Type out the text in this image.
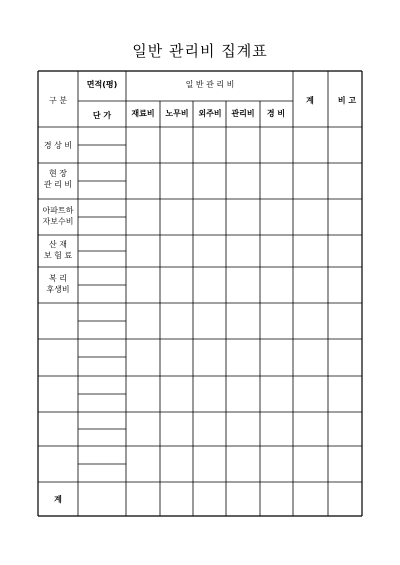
일반 관리비 집계표
구 분
면적(평)
단 가
일 반 관 리 비
재료비 노무비 외주비 관리비 경 비
계	비 고
경 상 비
현 장
관 리 비
아파트하
자보수비
산 재
보 험 료
복 리
후생비
계
